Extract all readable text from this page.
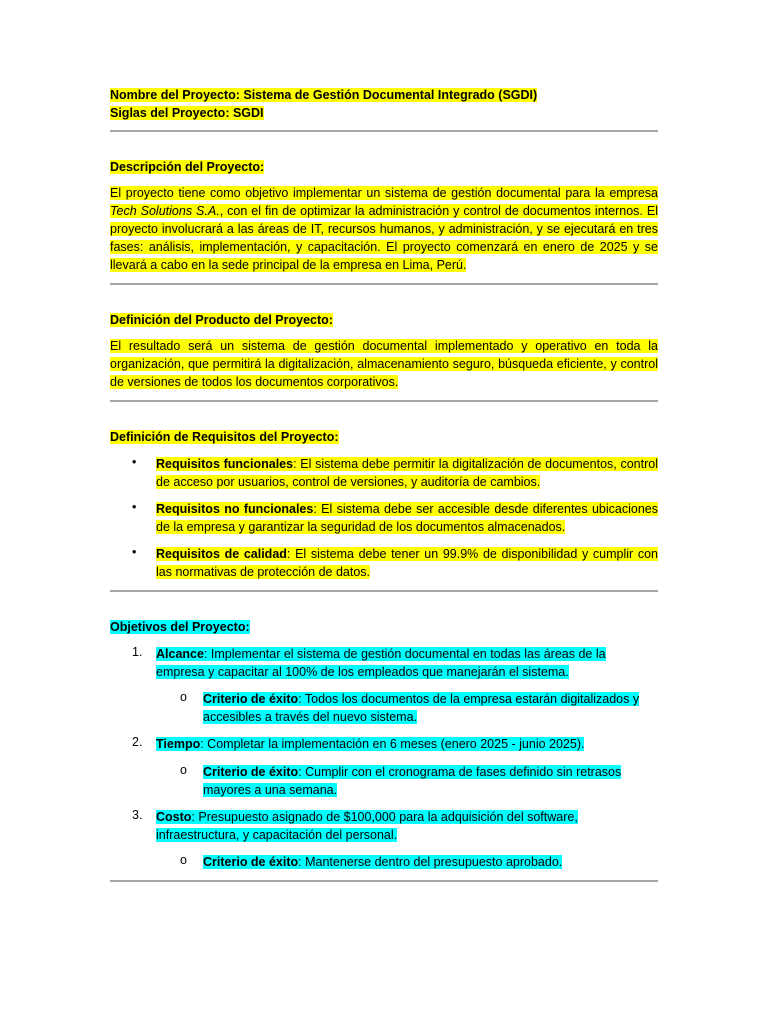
Nombre del Proyecto: Sistema de Gestión Documental Integrado (SGDI)
Siglas del Proyecto: SGDI
Descripción del Proyecto:

El proyecto tiene como objetivo implementar un sistema de gestión documental para la empresa Tech Solutions S.A., con el fin de optimizar la administración y control de documentos internos. El proyecto involucrará a las áreas de IT, recursos humanos, y administración, y se ejecutará en tres fases: análisis, implementación, y capacitación. El proyecto comenzará en enero de 2025 y se llevará a cabo en la sede principal de la empresa en Lima, Perú.

Definición del Producto del Proyecto:

El resultado será un sistema de gestión documental implementado y operativo en toda la organización, que permitirá la digitalización, almacenamiento seguro, búsqueda eficiente, y control de versiones de todos los documentos corporativos.

Definición de Requisitos del Proyecto:
• Requisitos funcionales: El sistema debe permitir la digitalización de documentos, control de acceso por usuarios, control de versiones, y auditoría de cambios.
• Requisitos no funcionales: El sistema debe ser accesible desde diferentes ubicaciones de la empresa y garantizar la seguridad de los documentos almacenados.
• Requisitos de calidad: El sistema debe tener un 99.9% de disponibilidad y cumplir con las normativas de protección de datos.
Objetivos del Proyecto:
1. Alcance: Implementar el sistema de gestión documental en todas las áreas de la empresa y capacitar al 100% de los empleados que manejarán el sistema.
o Criterio de éxito: Todos los documentos de la empresa estarán digitalizados y accesibles a través del nuevo sistema.
2. Tiempo: Completar la implementación en 6 meses (enero 2025 - junio 2025).
o Criterio de éxito: Cumplir con el cronograma de fases definido sin retrasos mayores a una semana.
3. Costo: Presupuesto asignado de $100,000 para la adquisición del software, infraestructura, y capacitación del personal.
o Criterio de éxito: Mantenerse dentro del presupuesto aprobado.
